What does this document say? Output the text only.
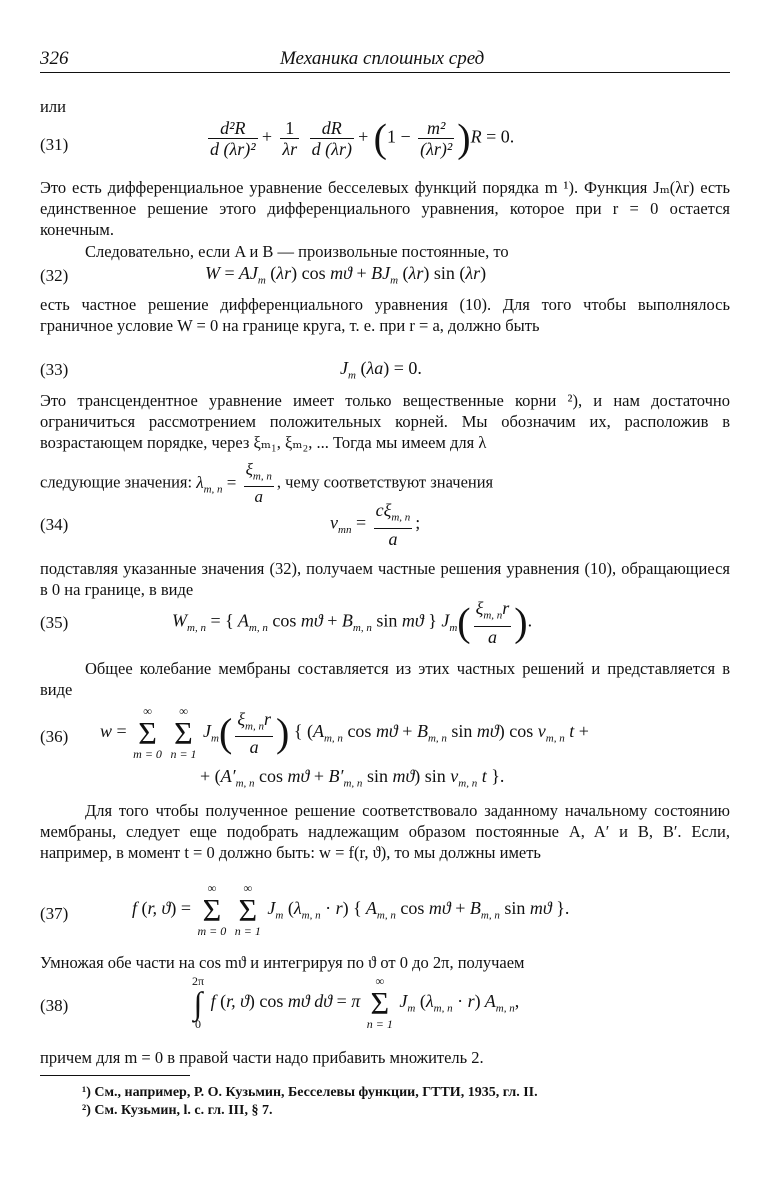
326	Механика сплошных сред
или
(31)	$\frac{\text{d²R}}{\text{d (λr)²}} + \frac{1}{\lambda r}$
$\frac{dR}{d (\lambda r)} + (1 - \frac{\text{m²}}{\text{(λr)²}} )R = 0$.
Это есть дифференциальное уравнение бесселевых функций порядка m ¹). Функция Jₘ(λr) есть единственное решение этого дифференциального уравнения, которое при r = 0 остается конечным.
Следовательно, если A и B — произвольные постоянные, то
(32)	$W = AJ_m$ (λr) $\cos mϑ + BJ_m$ (λr) sin (λr)
есть частное решение дифференциального уравнения (10). Для того чтобы выполнялось граничное условие W = 0 на границе круга, т. е. при r = a, должно быть
(33)	$J_m$ (λa) = 0.
Это трансцендентное уравнение имеет только вещественные корни ²), и нам достаточно ограничиться рассмотрением положительных корней. Мы обозначим их, расположив в возрастающем порядке, через ξₘ₁, ξₘ₂, ... Тогда мы имеем для λ
следующие значения: $\lambda_{m, n} = \frac{\xi_{m, n}}{a}$ , чему соответствуют значения
(34)	$\nu_{mn} = \frac{c\xi_{m, n}}{a}$ ;
подставляя указанные значения (32), получаем частные решения уравнения (10), обращающиеся в 0 на границе, в виде
(35)	$W_{m, n}$ = { $A_{m, n}$ $\cos mϑ + B_{m, n}$ sin mϑ } $J_m( \frac{\xi_{m, n}r}{a}$ ).
Общее колебание мембраны составляется из этих частных решений и представляется в виде
(36) w =
∞
Σ
m = 0

∞
Σ
n = 1
$J_m( \frac{\xi_{m, n}r}{a}$ ) { ($A_{m, n}$ $\cos mϑ + B_{m, n}$ sin mϑ) $\cos \nu_{m, n}$ t +
+ ($A'_{m, n}$ $\cos mϑ + B'_{m, n}$ sin mϑ) $\sin \nu_{m, n}$ t }.
Для того чтобы полученное решение соответствовало заданному начальному состоянию мембраны, следует еще подобрать надлежащим образом постоянные A, A′ и B, B′. Если, например, в момент t = 0 должно быть: w = f(r, ϑ), то мы должны иметь
(37)	f (r, ϑ) =
∞
Σ
m = 0

∞
Σ
n = 1
$J_m$ $(\lambda_{m, n} \cdot r)$ { $A_{m, n}$ $\cos mϑ + B_{m, n}$ sin mϑ }.
Умножая обе части на cos mϑ и интегрируя по ϑ от 0 до 2π, получаем
(38)
2π
∫
0
f (r, ϑ) cos mϑ dϑ = π
∞
Σ
n = 1
$J_m$ $(\lambda_{m, n} \cdot r)$ $A_{m, n}$,
причем для m = 0 в правой части надо прибавить множитель 2.
¹) См., например, Р. О. Кузьмин, Бесселевы функции, ГТТИ, 1935, гл. II.
²) См. Кузьмин, l. с. гл. III, § 7.
